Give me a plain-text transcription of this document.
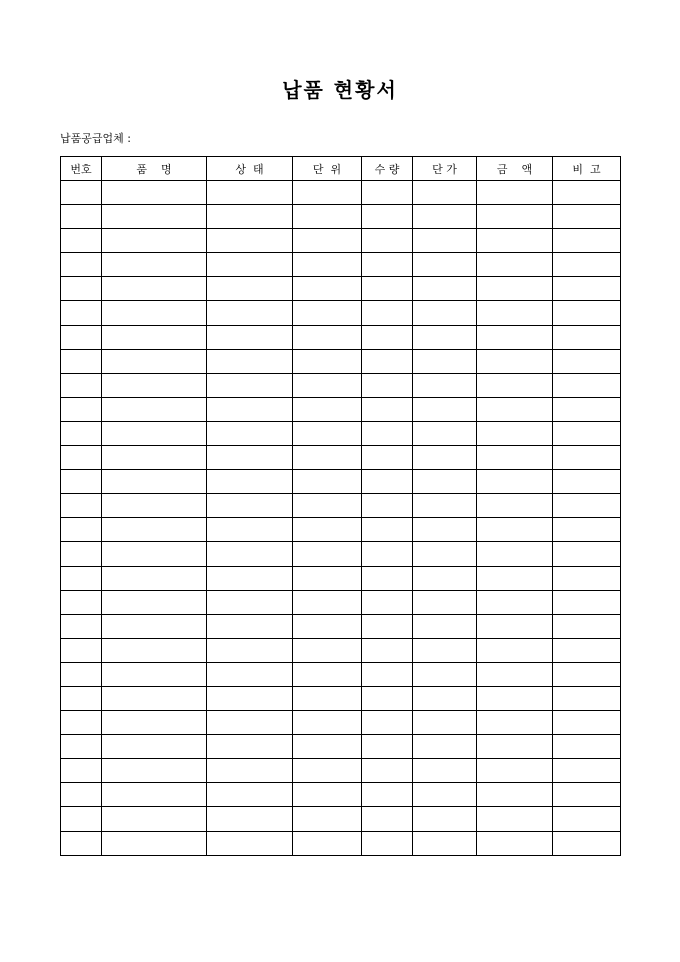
납품 현황서
납품공급업체 :
번호	품    명	상  태	단  위	수 량	단 가	금    액	비  고
